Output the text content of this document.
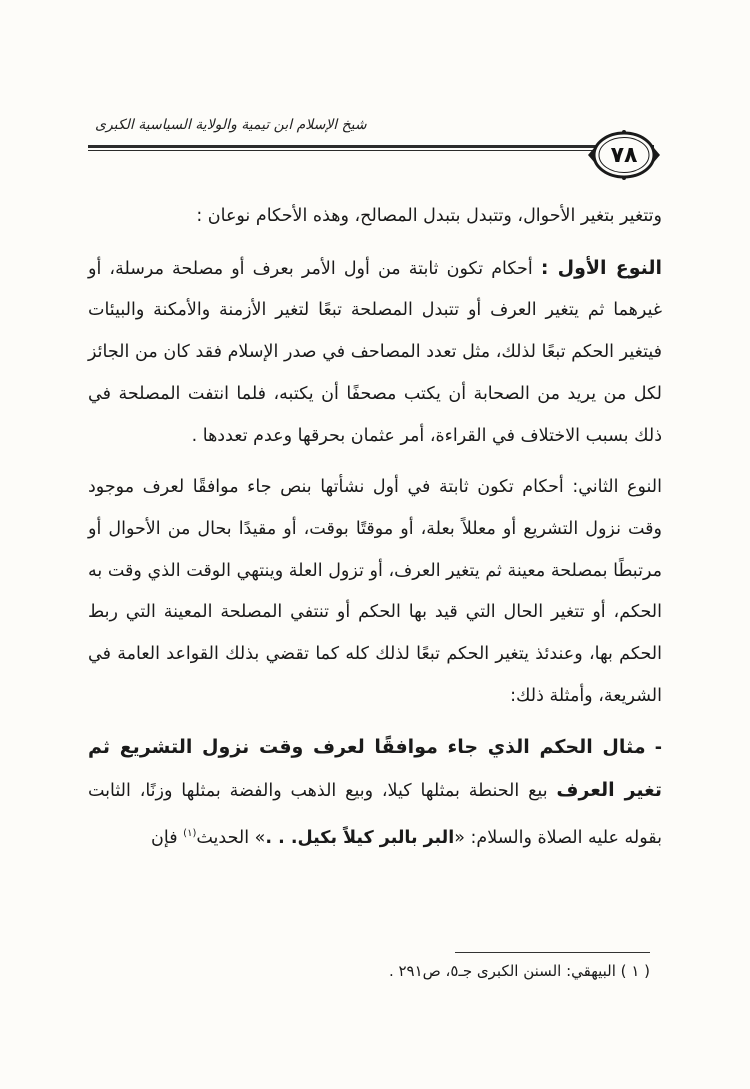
شيخ الإسلام ابن تيمية والولاية السياسية الكبرى
٧٨

وتتغير بتغير الأحوال، وتتبدل بتبدل المصالح، وهذه الأحكام نوعان :

النوع الأول : أحكام تكون ثابتة من أول الأمر بعرف أو مصلحة مرسلة، أو غيرهما ثم يتغير العرف أو تتبدل المصلحة تبعًا لتغير الأزمنة والأمكنة والبيئات فيتغير الحكم تبعًا لذلك، مثل تعدد المصاحف في صدر الإسلام فقد كان من الجائز لكل من يريد من الصحابة أن يكتب مصحفًا أن يكتبه، فلما انتفت المصلحة في ذلك بسبب الاختلاف في القراءة، أمر عثمان بحرقها وعدم تعددها .

النوع الثاني: أحكام تكون ثابتة في أول نشأتها بنص جاء موافقًا لعرف موجود وقت نزول التشريع أو معللاً بعلة، أو موقتًا بوقت، أو مقيدًا بحال من الأحوال أو مرتبطًا بمصلحة معينة ثم يتغير العرف، أو تزول العلة وينتهي الوقت الذي وقت به الحكم، أو تتغير الحال التي قيد بها الحكم أو تنتفي المصلحة المعينة التي ربط الحكم بها، وعندئذ يتغير الحكم تبعًا لذلك كله كما تقضي بذلك القواعد العامة في الشريعة، وأمثلة ذلك:

- مثال الحكم الذي جاء موافقًا لعرف وقت نزول التشريع ثم تغير العرف بيع الحنطة بمثلها كيلا، وبيع الذهب والفضة بمثلها وزنًا، الثابت بقوله عليه الصلاة والسلام: «البر بالبر كيلاً بكيل. . .» الحديث$^{(١)}$ فإن

( ١ ) البيهقي: السنن الكبرى جـ٥، ص٢٩١ .
